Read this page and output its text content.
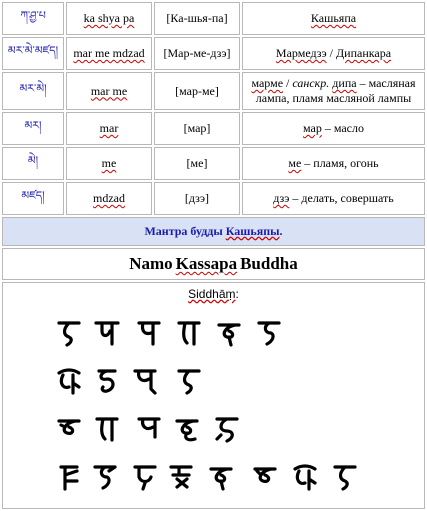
ཀ་ཤྱ་པ	ka shya pa	[Ка-шья-па]	Кашьяпа
མར་མེ་མཛད།	mar me mdzad	[Мар-ме-дзэ]	Мармедзэ / Дипанкара
མར་མེ།	mar me	[мар-ме]	марме / санскр. дипа – масляная лампа, пламя масляной лампы
མར།	mar	[мар]	мар – масло
མེ།	me	[ме]	ме – пламя, огонь
མཛད།	mdzad	[дзэ]	дзэ – делать, совершать
Мантра будды Кашьяпы.			
Namo Kassapa Buddha			

Siddhāṃ:			
